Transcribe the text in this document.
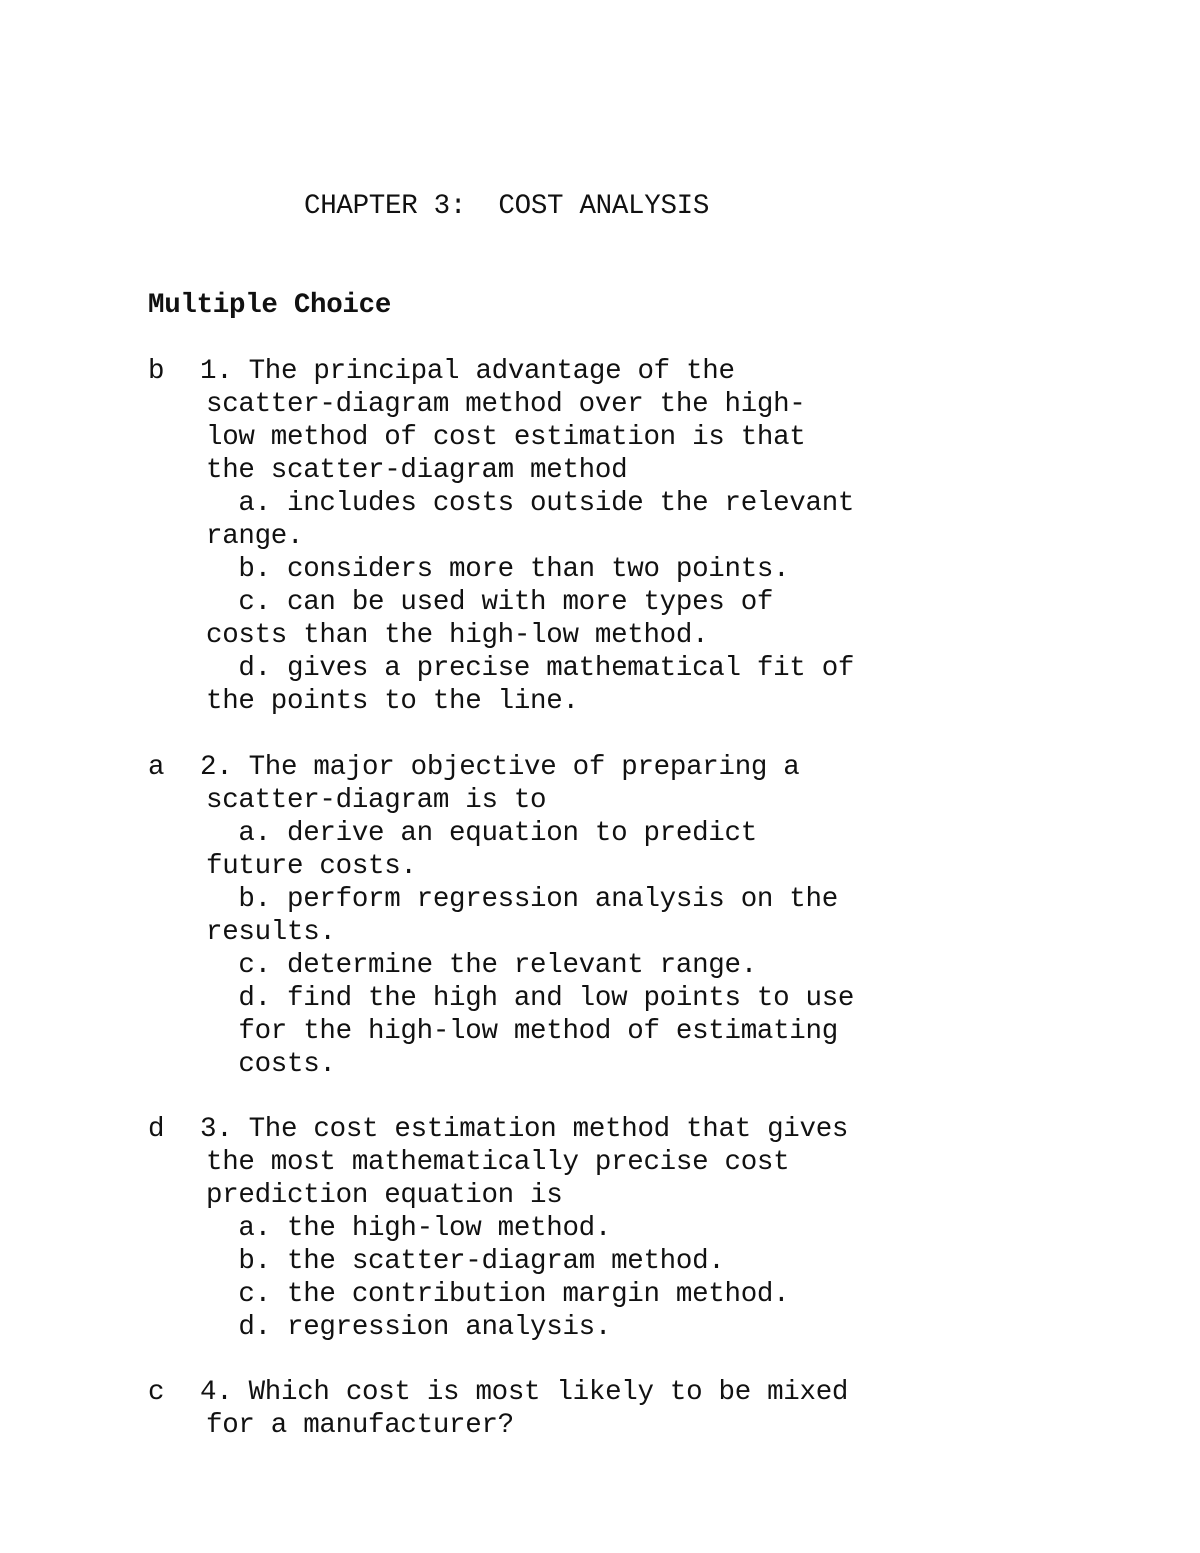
CHAPTER 3:  COST ANALYSIS
Multiple Choice
b 1. The principal advantage of the
scatter-diagram method over the high-
low method of cost estimation is that
the scatter-diagram method
a. includes costs outside the relevant
range.
b. considers more than two points.
c. can be used with more types of
costs than the high-low method.
d. gives a precise mathematical fit of
the points to the line.
a 2. The major objective of preparing a
scatter-diagram is to
a. derive an equation to predict
future costs.
b. perform regression analysis on the
results.
c. determine the relevant range.
d. find the high and low points to use
for the high-low method of estimating
costs.
d 3. The cost estimation method that gives
the most mathematically precise cost
prediction equation is
a. the high-low method.
b. the scatter-diagram method.
c. the contribution margin method.
d. regression analysis.
c 4. Which cost is most likely to be mixed
for a manufacturer?
